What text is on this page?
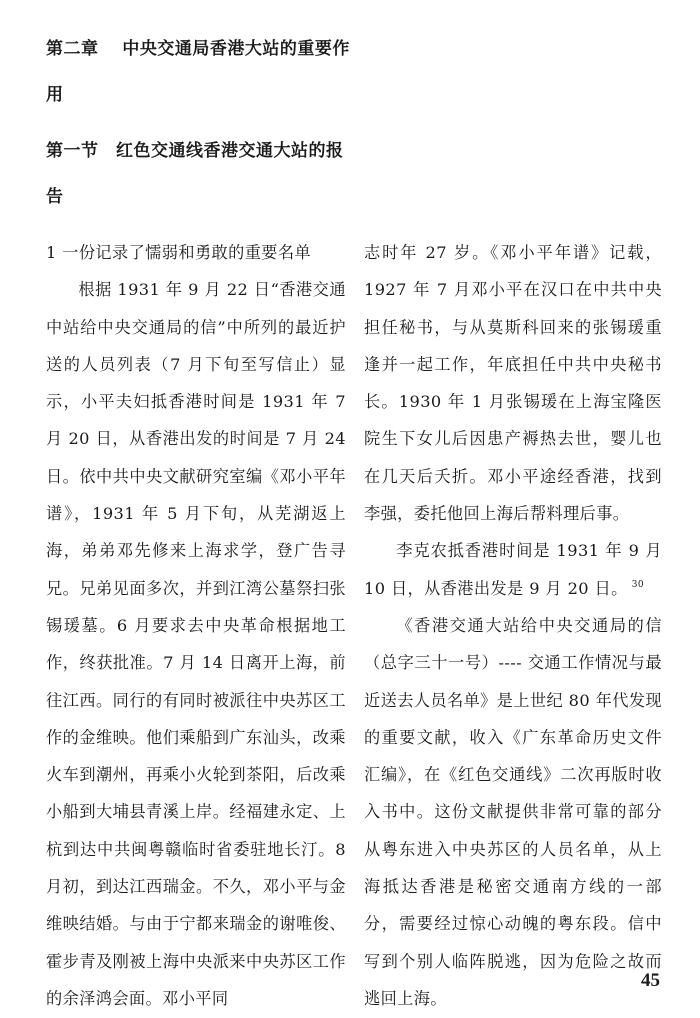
第二章　 中央交通局香港大站的重要作用
第一节　红色交通线香港交通大站的报告

1 一份记录了懦弱和勇敢的重要名单

根据 1931 年 9 月 22 日“香港交通中站给中央交通局的信”中所列的最近护送的人员列表（7 月下旬至写信止）显示，小平夫妇抵香港时间是 1931 年 7 月 20 日，从香港出发的时间是 7 月 24 日。依中共中央文献研究室编《邓小平年谱》，1931 年 5 月下旬，从芜湖返上海，弟弟邓先修来上海求学，登广告寻兄。兄弟见面多次，并到江湾公墓祭扫张锡瑗墓。6 月要求去中央革命根据地工作，终获批准。7 月 14 日离开上海，前往江西。同行的有同时被派往中央苏区工作的金维映。他们乘船到广东汕头，改乘火车到潮州，再乘小火轮到茶阳，后改乘小船到大埔县青溪上岸。经福建永定、上杭到达中共闽粤赣临时省委驻地长汀。8 月初，到达江西瑞金。不久，邓小平与金维映结婚。与由于宁都来瑞金的谢唯俊、霍步青及刚被上海中央派来中央苏区工作的余泽鸿会面。邓小平同

志时年 27 岁。《邓小平年谱》记载，1927 年 7 月邓小平在汉口在中共中央担任秘书，与从莫斯科回来的张锡瑗重逢并一起工作，年底担任中共中央秘书长。1930 年 1 月张锡瑗在上海宝隆医院生下女儿后因患产褥热去世，婴儿也在几天后夭折。邓小平途经香港，找到李强，委托他回上海后帮料理后事。

李克农抵香港时间是 1931 年 9 月 10 日，从香港出发是 9 月 20 日。 $^{30}$

《香港交通大站给中央交通局的信（总字三十一号）---- 交通工作情况与最近送去人员名单》是上世纪 80 年代发现的重要文献，收入《广东革命历史文件汇编》，在《红色交通线》二次再版时收入书中。这份文献提供非常可靠的部分从粤东进入中央苏区的人员名单，从上海抵达香港是秘密交通南方线的一部分，需要经过惊心动魄的粤东段。信中写到个别人临阵脱逃，因为危险之故而逃回上海。

45
